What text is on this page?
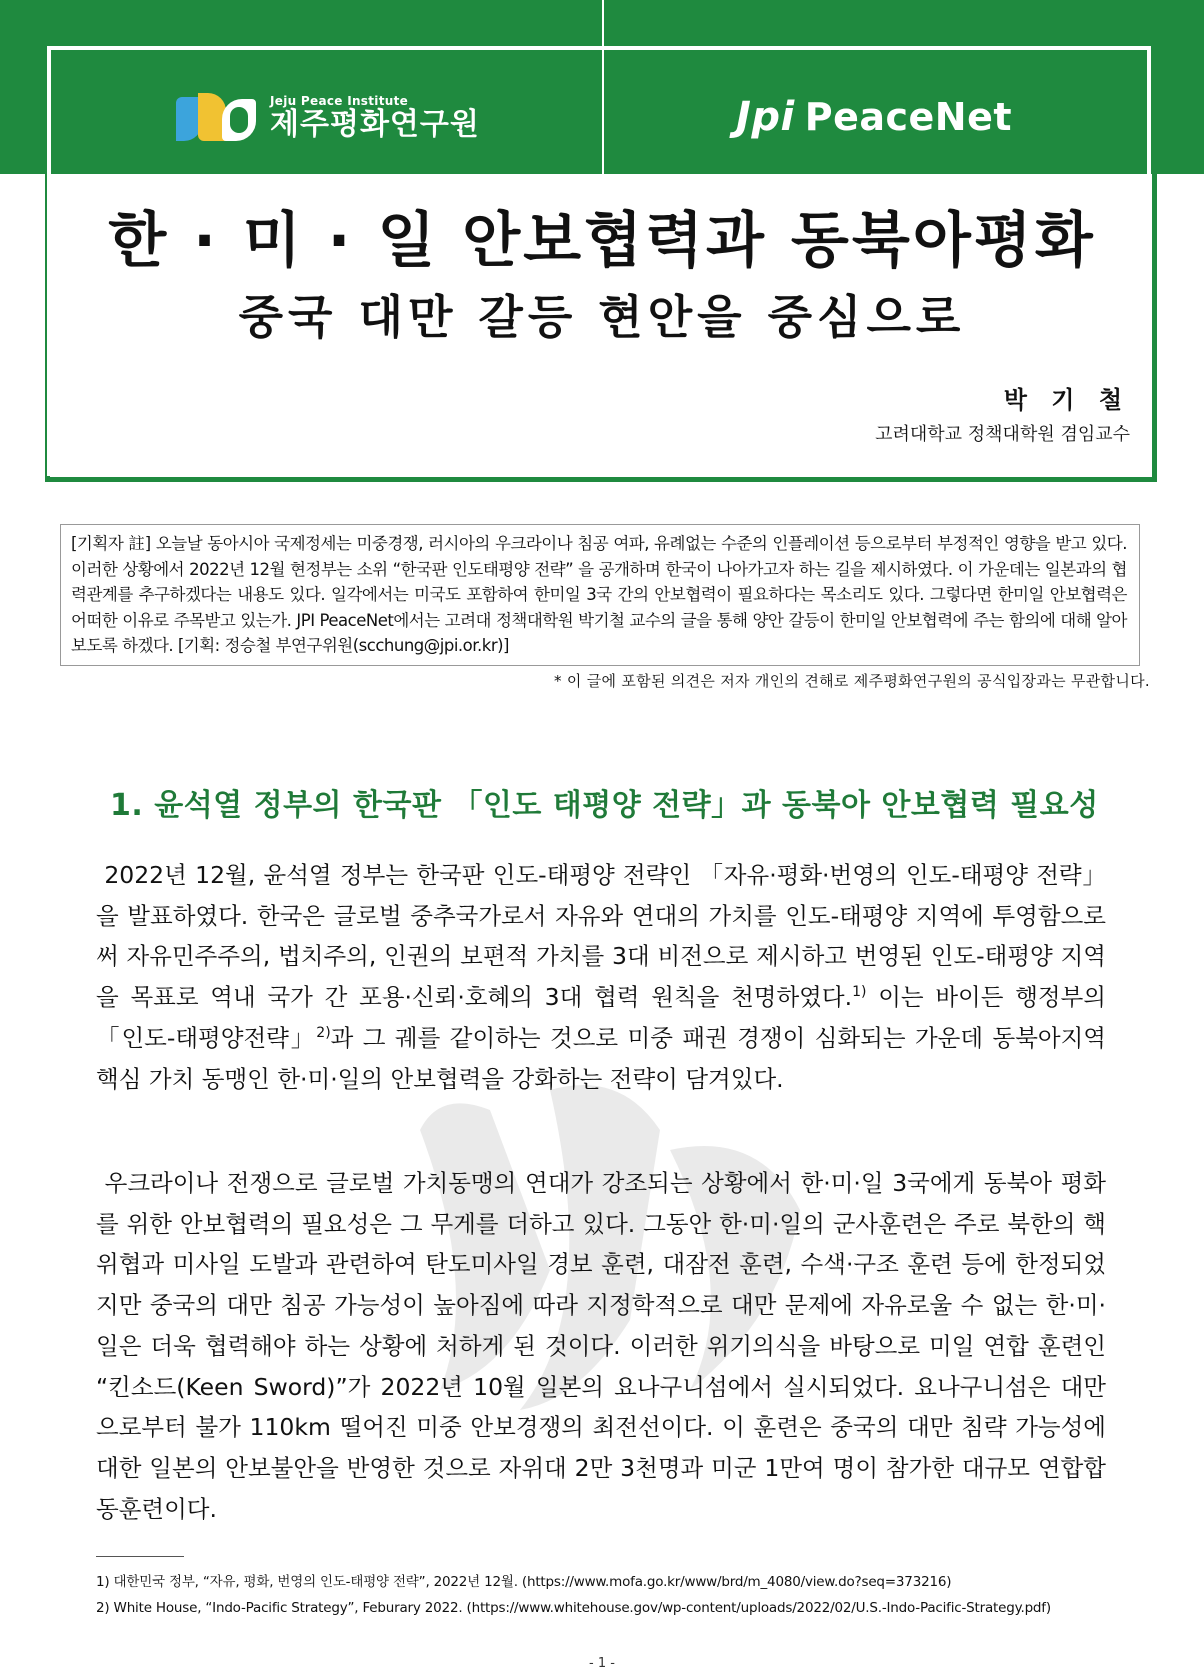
Jeju Peace Institute
제주평화연구원	Jpi PeaceNet
한 · 미 · 일 안보협력과 동북아평화
중국 대만 갈등 현안을 중심으로
박 기 철
고려대학교 정책대학원 겸임교수
[기획자 註] 오늘날 동아시아 국제정세는 미중경쟁, 러시아의 우크라이나 침공 여파, 유례없는 수준의 인플레이션 등으로부터 부정적인 영향을 받고 있다. 이러한 상황에서 2022년 12월 현정부는 소위 “한국판 인도태평양 전략” 을 공개하며 한국이 나아가고자 하는 길을 제시하였다. 이 가운데는 일본과의 협력관계를 추구하겠다는 내용도 있다. 일각에서는 미국도 포함하여 한미일 3국 간의 안보협력이 필요하다는 목소리도 있다. 그렇다면 한미일 안보협력은 어떠한 이유로 주목받고 있는가. JPI PeaceNet에서는 고려대 정책대학원 박기철 교수의 글을 통해 양안 갈등이 한미일 안보협력에 주는 함의에 대해 알아보도록 하겠다. [기획: 정승철 부연구위원(scchung@jpi.or.kr)]
* 이 글에 포함된 의견은 저자 개인의 견해로 제주평화연구원의 공식입장과는 무관합니다.
1. 윤석열 정부의 한국판 「인도 태평양 전략」과 동북아 안보협력 필요성
2022년 12월, 윤석열 정부는 한국판 인도-태평양 전략인 「자유·평화·번영의 인도-태평양 전략」을 발표하였다. 한국은 글로벌 중추국가로서 자유와 연대의 가치를 인도-태평양 지역에 투영함으로써 자유민주주의, 법치주의, 인권의 보편적 가치를 3대 비전으로 제시하고 번영된 인도-태평양 지역을 목표로 역내 국가 간 포용·신뢰·호혜의 3대 협력 원칙을 천명하였다.$^{1)}$ 이는 바이든 행정부의 「인도-태평양전략」$^{2)}$과 그 궤를 같이하는 것으로 미중 패권 경쟁이 심화되는 가운데 동북아지역 핵심 가치 동맹인 한·미·일의 안보협력을 강화하는 전략이 담겨있다.
우크라이나 전쟁으로 글로벌 가치동맹의 연대가 강조되는 상황에서 한·미·일 3국에게 동북아 평화를 위한 안보협력의 필요성은 그 무게를 더하고 있다. 그동안 한·미·일의 군사훈련은 주로 북한의 핵위협과 미사일 도발과 관련하여 탄도미사일 경보 훈련, 대잠전 훈련, 수색·구조 훈련 등에 한정되었지만 중국의 대만 침공 가능성이 높아짐에 따라 지정학적으로 대만 문제에 자유로울 수 없는 한·미·일은 더욱 협력해야 하는 상황에 처하게 된 것이다. 이러한 위기의식을 바탕으로 미일 연합 훈련인 “킨소드(Keen Sword)”가 2022년 10월 일본의 요나구니섬에서 실시되었다. 요나구니섬은 대만으로부터 불가 110km 떨어진 미중 안보경쟁의 최전선이다. 이 훈련은 중국의 대만 침략 가능성에 대한 일본의 안보불안을 반영한 것으로 자위대 2만 3천명과 미군 1만여 명이 참가한 대규모 연합합동훈련이다.
1) 대한민국 정부, “자유, 평화, 번영의 인도-태평양 전략”, 2022년 12월. (https://www.mofa.go.kr/www/brd/m_4080/view.do?seq=373216)
2) White House, “Indo-Pacific Strategy”, Feburary 2022. (https://www.whitehouse.gov/wp-content/uploads/2022/02/U.S.-Indo-Pacific-Strategy.pdf)
- 1 -
